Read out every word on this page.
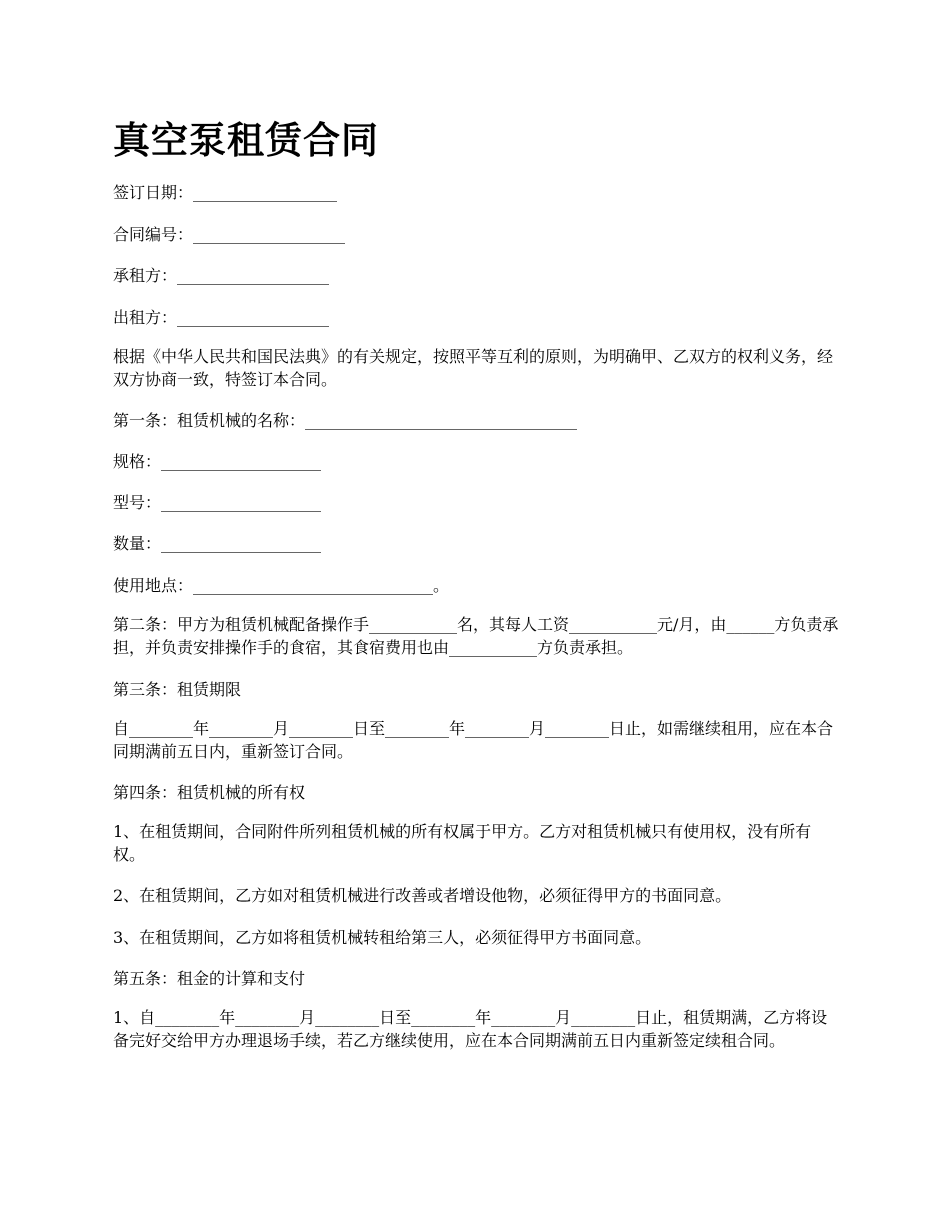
真空泵租赁合同

签订日期：__________________

合同编号：___________________

承租方：___________________

出租方：___________________

根据《中华人民共和国民法典》的有关规定，按照平等互利的原则，为明确甲、乙双方的权利义务，经双方协商一致，特签订本合同。

第一条：租赁机械的名称：__________________________________

规格：____________________

型号：____________________

数量：____________________

使用地点：______________________________。

第二条：甲方为租赁机械配备操作手___________名，其每人工资___________元/月，由______方负责承担，并负责安排操作手的食宿，其食宿费用也由___________方负责承担。

第三条：租赁期限

自________年________月________日至________年________月________日止，如需继续租用，应在本合同期满前五日内，重新签订合同。

第四条：租赁机械的所有权

1、在租赁期间，合同附件所列租赁机械的所有权属于甲方。乙方对租赁机械只有使用权，没有所有权。

2、在租赁期间，乙方如对租赁机械进行改善或者增设他物，必须征得甲方的书面同意。

3、在租赁期间，乙方如将租赁机械转租给第三人，必须征得甲方书面同意。

第五条：租金的计算和支付

1、自________年________月________日至________年________月________日止，租赁期满，乙方将设备完好交给甲方办理退场手续，若乙方继续使用，应在本合同期满前五日内重新签定续租合同。
